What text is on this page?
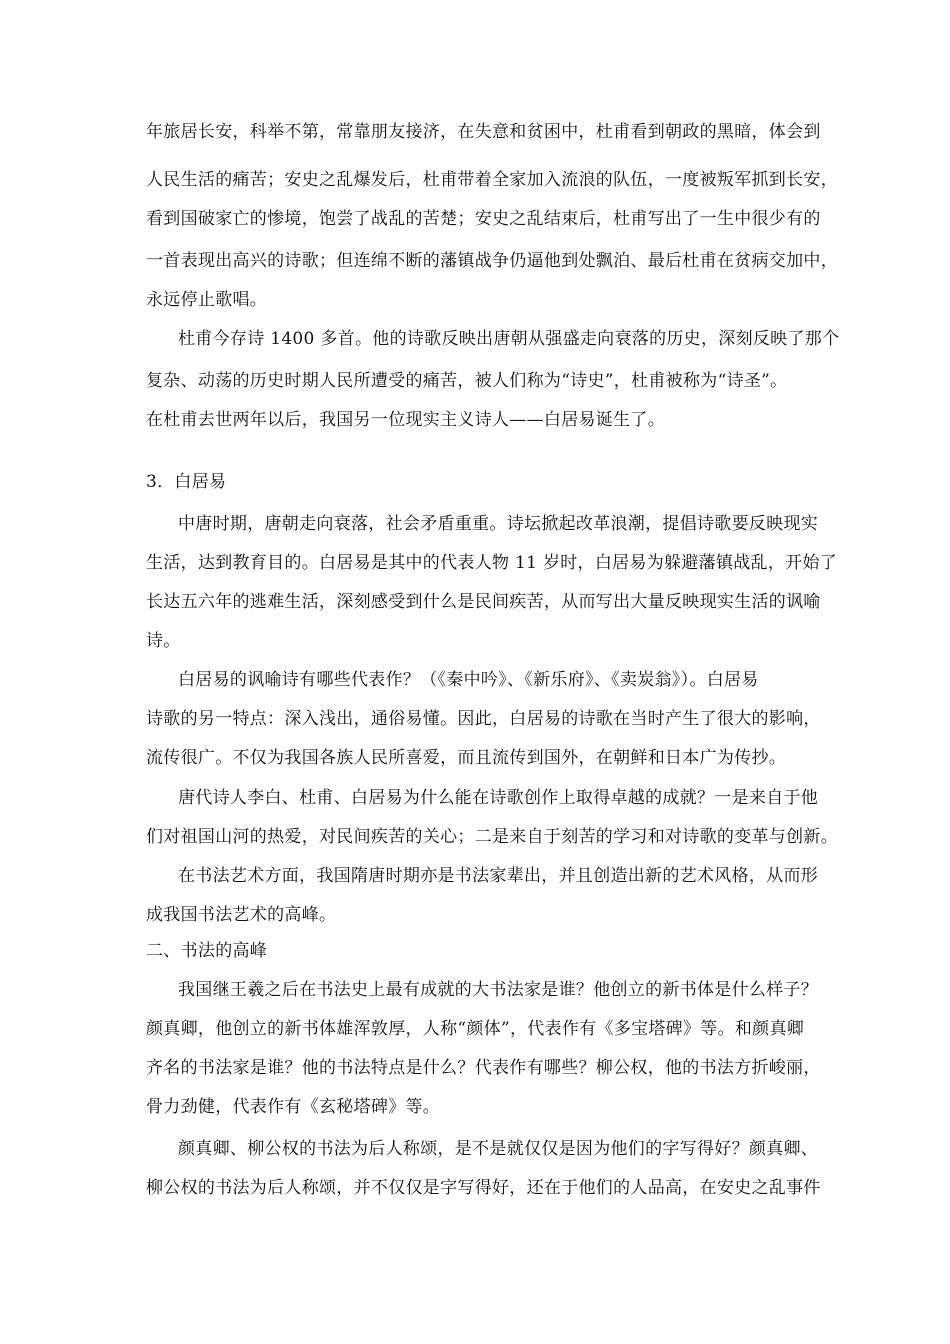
年旅居长安，科举不第，常靠朋友接济，在失意和贫困中，杜甫看到朝政的黑暗，体会到
人民生活的痛苦；安史之乱爆发后，杜甫带着全家加入流浪的队伍，一度被叛军抓到长安，
看到国破家亡的惨境，饱尝了战乱的苦楚；安史之乱结束后，杜甫写出了一生中很少有的
一首表现出高兴的诗歌；但连绵不断的藩镇战争仍逼他到处飘泊、最后杜甫在贫病交加中，
永远停止歌唱。
杜甫今存诗 1400 多首。他的诗歌反映出唐朝从强盛走向衰落的历史，深刻反映了那个
复杂、动荡的历史时期人民所遭受的痛苦，被人们称为“诗史”，杜甫被称为“诗圣”。
在杜甫去世两年以后，我国另一位现实主义诗人——白居易诞生了。
3．白居易
中唐时期，唐朝走向衰落，社会矛盾重重。诗坛掀起改革浪潮，提倡诗歌要反映现实
生活，达到教育目的。白居易是其中的代表人物 11 岁时，白居易为躲避藩镇战乱，开始了
长达五六年的逃难生活，深刻感受到什么是民间疾苦，从而写出大量反映现实生活的讽喻
诗。
白居易的讽喻诗有哪些代表作？（《秦中吟》、《新乐府》、《卖炭翁》）。白居易
诗歌的另一特点：深入浅出，通俗易懂。因此，白居易的诗歌在当时产生了很大的影响，
流传很广。不仅为我国各族人民所喜爱，而且流传到国外，在朝鲜和日本广为传抄。
唐代诗人李白、杜甫、白居易为什么能在诗歌创作上取得卓越的成就？一是来自于他
们对祖国山河的热爱，对民间疾苦的关心；二是来自于刻苦的学习和对诗歌的变革与创新。
在书法艺术方面，我国隋唐时期亦是书法家辈出，并且创造出新的艺术风格，从而形
成我国书法艺术的高峰。
二、书法的高峰
我国继王羲之后在书法史上最有成就的大书法家是谁？他创立的新书体是什么样子？
颜真卿，他创立的新书体雄浑敦厚，人称“颜体”，代表作有《多宝塔碑》等。和颜真卿
齐名的书法家是谁？他的书法特点是什么？代表作有哪些？柳公权，他的书法方折峻丽，
骨力劲健，代表作有《玄秘塔碑》等。
颜真卿、柳公权的书法为后人称颂，是不是就仅仅是因为他们的字写得好？颜真卿、
柳公权的书法为后人称颂，并不仅仅是字写得好，还在于他们的人品高，在安史之乱事件
